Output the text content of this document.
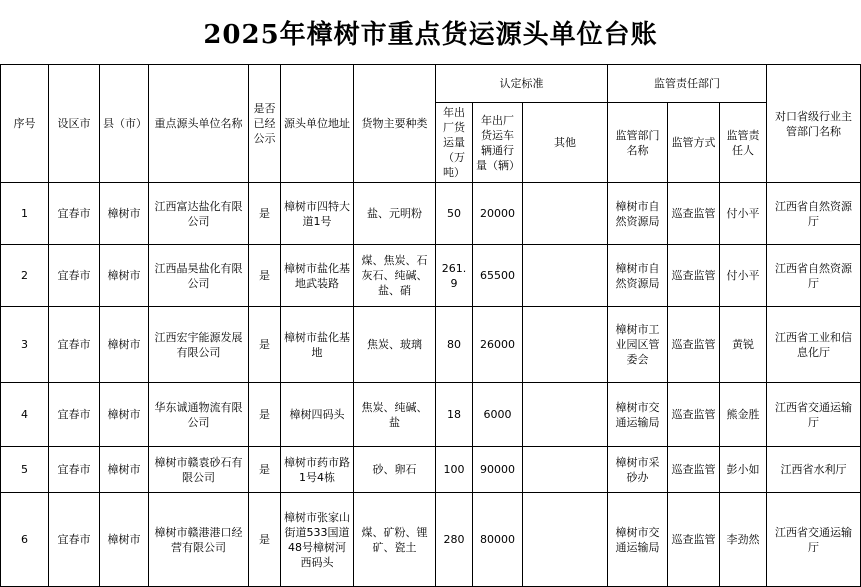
2025年樟树市重点货运源头单位台账
序号	设区市	县（市）	重点源头单位名称	是否已经公示	源头单位地址	货物主要种类	认定标准			监管责任部门			对口省级行业主管部门名称
							年出厂货运量（万吨）	年出厂货运车辆通行量（辆）	其他	监管部门名称	监管方式	监管责任人	
1	宜春市	樟树市	江西富达盐化有限公司	是	樟树市四特大道1号	盐、元明粉	50	20000		樟树市自然资源局	巡查监管	付小平	江西省自然资源厅
2	宜春市	樟树市	江西晶昊盐化有限公司	是	樟树市盐化基地武装路	煤、焦炭、石灰石、纯碱、盐、硝	261.9	65500		樟树市自然资源局	巡查监管	付小平	江西省自然资源厅
3	宜春市	樟树市	江西宏宇能源发展有限公司	是	樟树市盐化基地	焦炭、玻璃	80	26000		樟树市工业园区管委会	巡查监管	黄锐	江西省工业和信息化厅
4	宜春市	樟树市	华东诚通物流有限公司	是	樟树四码头	焦炭、纯碱、盐	18	6000		樟树市交通运输局	巡查监管	熊金胜	江西省交通运输厅
5	宜春市	樟树市	樟树市赣袁砂石有限公司	是	樟树市药市路1号4栋	砂、卵石	100	90000		樟树市采砂办	巡查监管	彭小如	江西省水利厅
6	宜春市	樟树市	樟树市赣港港口经营有限公司	是	樟树市张家山街道533国道48号樟树河西码头	煤、矿粉、锂矿、瓷土	280	80000		樟树市交通运输局	巡查监管	李劲然	江西省交通运输厅
